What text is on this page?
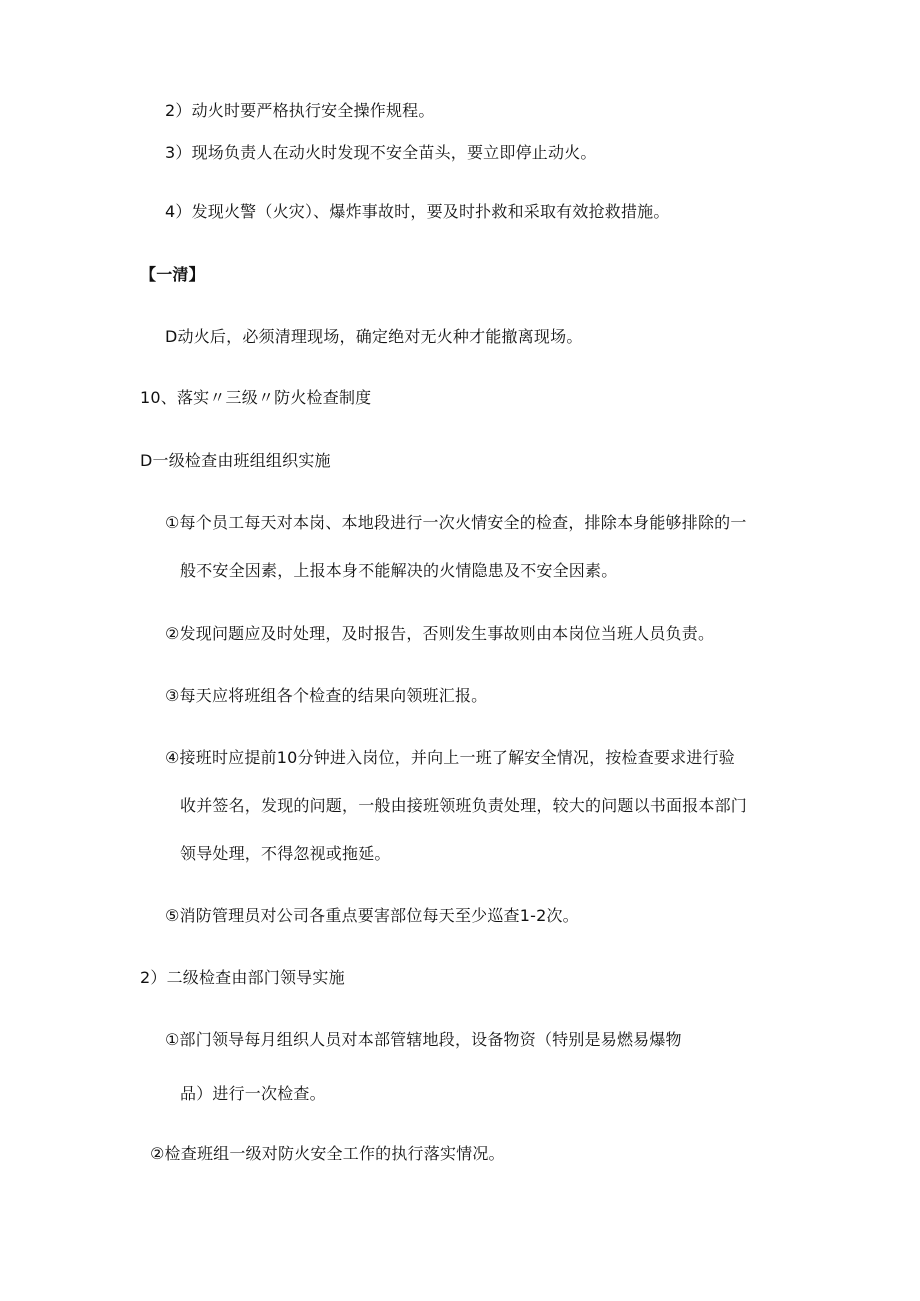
2）动火时要严格执行安全操作规程。
3）现场负责人在动火时发现不安全苗头，要立即停止动火。
4）发现火警（火灾）、爆炸事故时，要及时扑救和采取有效抢救措施。
【一清】
D动火后，必须清理现场，确定绝对无火种才能撤离现场。
10、落实〃三级〃防火检查制度
D一级检查由班组组织实施
①每个员工每天对本岗、本地段进行一次火情安全的检查，排除本身能够排除的一
般不安全因素，上报本身不能解决的火情隐患及不安全因素。
②发现问题应及时处理，及时报告，否则发生事故则由本岗位当班人员负责。
③每天应将班组各个检查的结果向领班汇报。
④接班时应提前10分钟进入岗位，并向上一班了解安全情况，按检查要求进行验
收并签名，发现的问题，一般由接班领班负责处理，较大的问题以书面报本部门
领导处理，不得忽视或拖延。
⑤消防管理员对公司各重点要害部位每天至少巡查1-2次。
2）二级检查由部门领导实施
①部门领导每月组织人员对本部管辖地段，设备物资（特别是易燃易爆物
品）进行一次检查。
②检查班组一级对防火安全工作的执行落实情况。
